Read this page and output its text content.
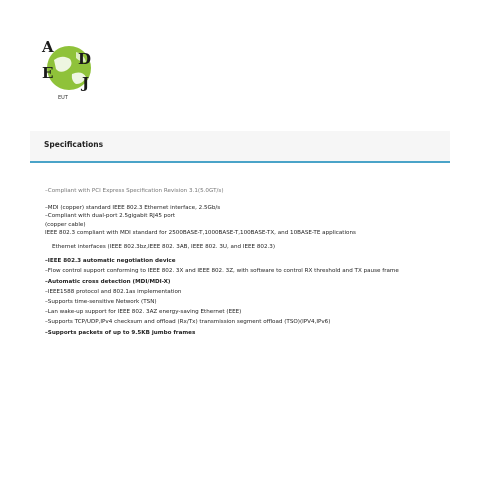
A
D
E
J
EUT
Specifications
–Compliant with PCI Express Specification Revision 3.1(5.0GT/s)
–MDI (copper) standard IEEE 802.3 Ethernet interface, 2.5Gb/s
–Compliant with dual-port 2.5gigabit RJ45 port
(copper cable)
IEEE 802.3 compliant with MDI standard for 2500BASE-T,1000BASE-T,100BASE-TX, and 10BASE-TE applications
Ethernet interfaces (IEEE 802.3bz,IEEE 802. 3AB, IEEE 802. 3U, and IEEE 802.3)
–IEEE 802.3 automatic negotiation device
–Flow control support conforming to IEEE 802. 3X and IEEE 802. 3Z, with software to control RX threshold and TX pause frame
–Automatic cross detection (MDI/MDI-X)
–IEEE1588 protocol and 802.1as implementation
–Supports time-sensitive Network (TSN)
–Lan wake-up support for IEEE 802. 3AZ energy-saving Ethernet (EEE)
–Supports TCP/UDP,IPv4 checksum and offload (Rx/Tx) transmission segment offload (TSO)(IPV4,IPv6)
–Supports packets of up to 9.5KB jumbo frames
